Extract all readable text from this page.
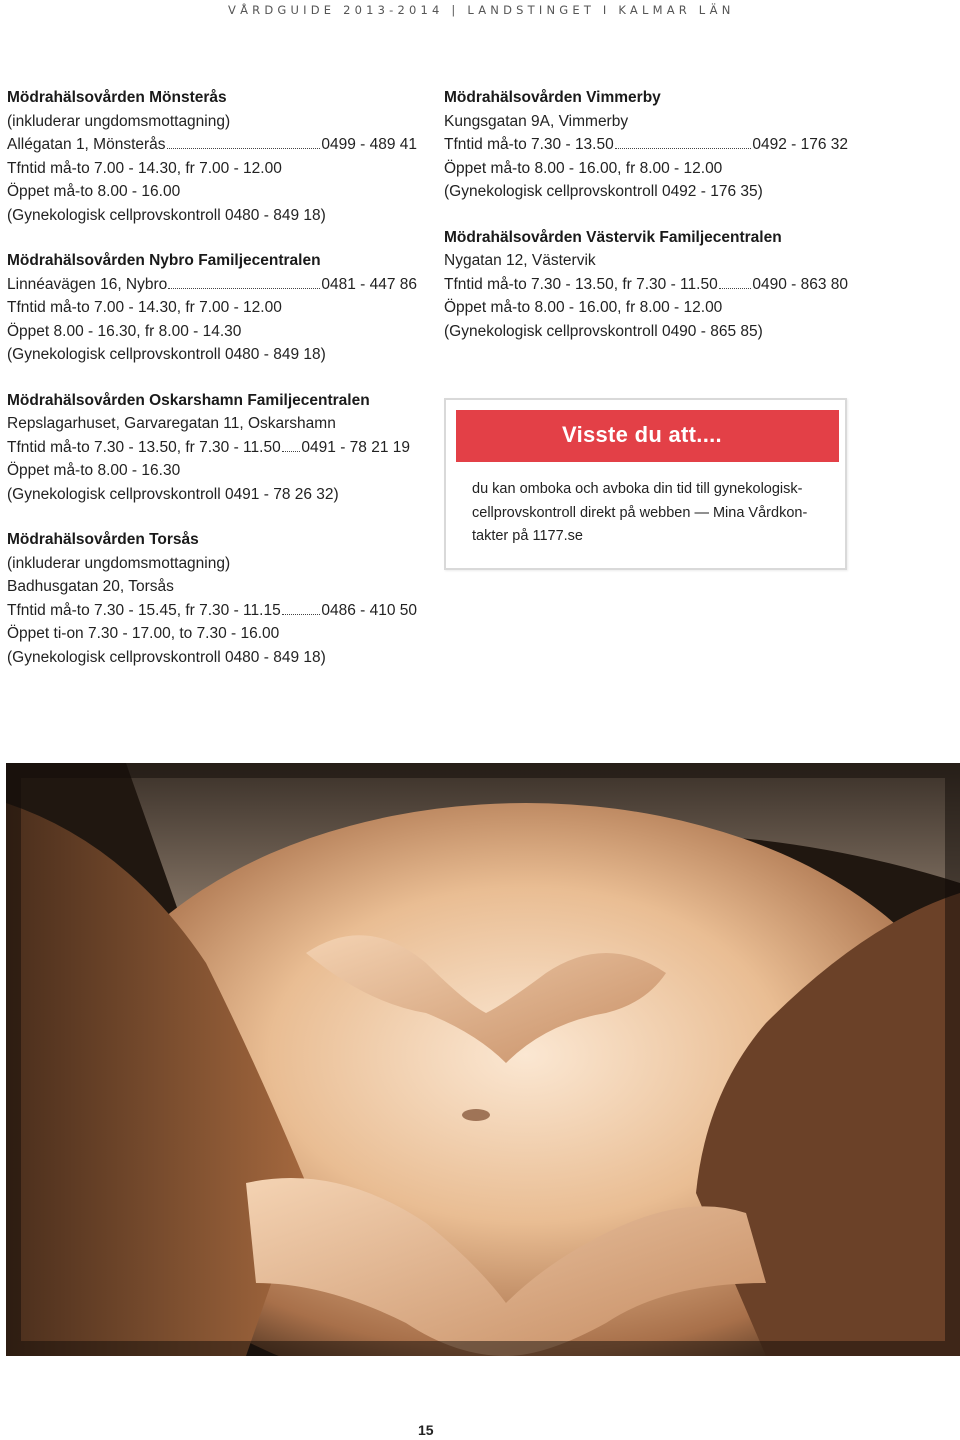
VÅRDGUIDE 2013-2014 | LANDSTINGET I KALMAR LÄN
Mödrahälsovården Mönsterås
(inkluderar ungdomsmottagning)
Allégatan 1, Mönsterås	0499 - 489 41
Tfntid må-to 7.00 - 14.30, fr 7.00 - 12.00
Öppet må-to 8.00 - 16.00
(Gynekologisk cellprovskontroll 0480 - 849 18)
Mödrahälsovården Nybro Familjecentralen
Linnéavägen 16, Nybro	0481 - 447 86
Tfntid må-to 7.00 - 14.30, fr 7.00 - 12.00
Öppet 8.00 - 16.30, fr 8.00 - 14.30
(Gynekologisk cellprovskontroll 0480 - 849 18)
Mödrahälsovården Oskarshamn Familjecentralen
Repslagarhuset, Garvaregatan 11, Oskarshamn
Tfntid må-to 7.30 - 13.50, fr 7.30 - 11.50 0491 - 78 21 19
Öppet må-to 8.00 - 16.30
(Gynekologisk cellprovskontroll 0491 - 78 26 32)
Mödrahälsovården Torsås
(inkluderar ungdomsmottagning)
Badhusgatan 20, Torsås
Tfntid må-to 7.30 - 15.45, fr 7.30 - 11.15	0486 - 410 50
Öppet ti-on 7.30 - 17.00, to 7.30 - 16.00
(Gynekologisk cellprovskontroll 0480 - 849 18)
Mödrahälsovården Vimmerby
Kungsgatan 9A, Vimmerby
Tfntid må-to 7.30 - 13.50	0492 - 176 32
Öppet må-to 8.00 - 16.00, fr 8.00 - 12.00
(Gynekologisk cellprovskontroll 0492 - 176 35)
Mödrahälsovården Västervik Familjecentralen
Nygatan 12, Västervik
Tfntid må-to 7.30 - 13.50, fr 7.30 - 11.50 0490 - 863 80
Öppet må-to 8.00 - 16.00, fr 8.00 - 12.00
(Gynekologisk cellprovskontroll 0490 - 865 85)
Visste du att....
du kan omboka och avboka din tid till gynekologisk-
cellprovskontroll direkt på webben — Mina Vårdkon-
takter på 1177.se
15
